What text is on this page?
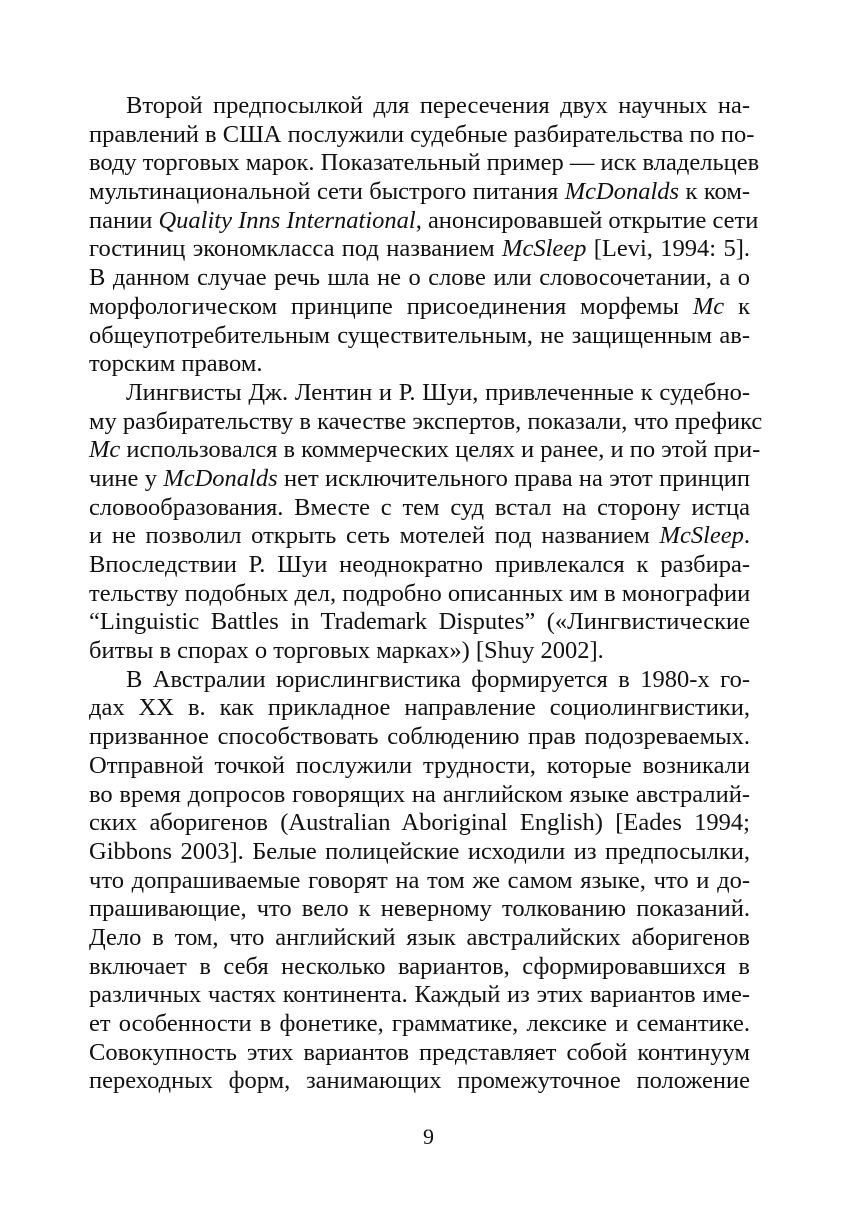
Второй предпосылкой для пересечения двух научных на-
правлений в США послужили судебные разбирательства по по-
воду торговых марок. Показательный пример — иск владельцев
мультинациональной сети быстрого питания McDonalds к ком-
пании Quality Inns International, анонсировавшей открытие сети
гостиниц экономкласса под названием McSleep [Levi, 1994: 5].
В данном случае речь шла не о слове или словосочетании, а о
морфологическом принципе присоединения морфемы Mc к
общеупотребительным существительным, не защищенным ав-
торским правом.
Лингвисты Дж. Лентин и Р. Шуи, привлеченные к судебно-
му разбирательству в качестве экспертов, показали, что префикс
Mc использовался в коммерческих целях и ранее, и по этой при-
чине у McDonalds нет исключительного права на этот принцип
словообразования. Вместе с тем суд встал на сторону истца
и не позволил открыть сеть мотелей под названием McSleep.
Впоследствии Р. Шуи неоднократно привлекался к разбира-
тельству подобных дел, подробно описанных им в монографии
“Linguistic Battles in Trademark Disputes” («Лингвистические
битвы в спорах о торговых марках») [Shuy 2002].
В Австралии юрислингвистика формируется в 1980-х го-
дах XX в. как прикладное направление социолингвистики,
призванное способствовать соблюдению прав подозреваемых.
Отправной точкой послужили трудности, которые возникали
во время допросов говорящих на английском языке австралий-
ских аборигенов (Australian Aboriginal English) [Eades 1994;
Gibbons 2003]. Белые полицейские исходили из предпосылки,
что допрашиваемые говорят на том же самом языке, что и до-
прашивающие, что вело к неверному толкованию показаний.
Дело в том, что английский язык австралийских аборигенов
включает в себя несколько вариантов, сформировавшихся в
различных частях континента. Каждый из этих вариантов име-
ет особенности в фонетике, грамматике, лексике и семантике.
Совокупность этих вариантов представляет собой континуум
переходных форм, занимающих промежуточное положение
9
